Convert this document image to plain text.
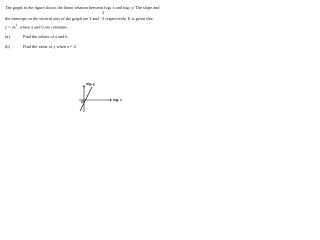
The graph in the figure shows the linear relation between log2 x and log2 y. The slope and
4
the intercept on the vertical axis of the graph are 3 and −2 respectively. It is given that
$y = ax^b$, where a and b are constants.
(a)	Find the values of a and b.
(b)	Find the value of y when x = 2.
log₂ y
log₂ x
O
